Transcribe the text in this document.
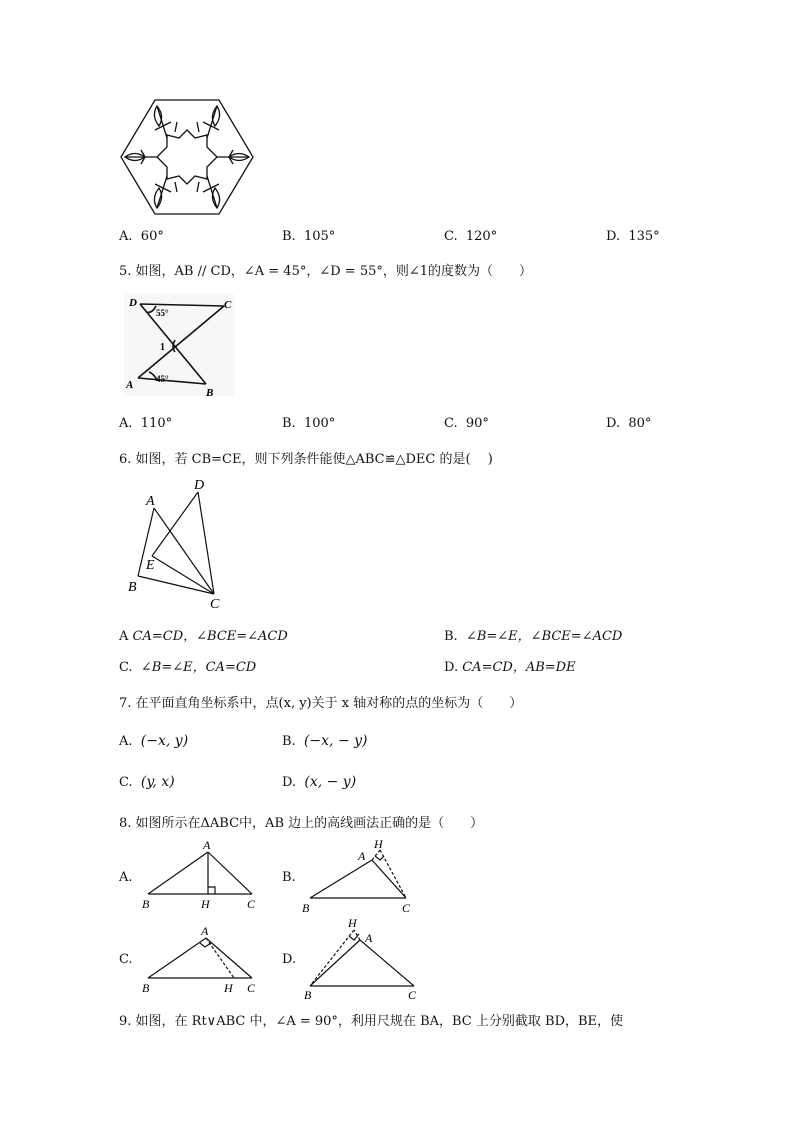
A. 60°	B. 105°	C. 120°	D. 135°
5. 如图，AB // CD，∠A = 45°，∠D = 55°，则∠1的度数为（　　）
D	C
A
B
55°
45°
1
A. 110°	B. 100°	C. 90°	D. 80°
6. 如图，若 CB=CE，则下列条件能使△ABC≌△DEC 的是(　 )
A
D
E
B
C
A CA=CD，∠BCE=∠ACD	B. ∠B=∠E，∠BCE=∠ACD
C. ∠B=∠E，CA=CD	D. CA=CD，AB=DE
7. 在平面直角坐标系中，点(x, y)关于 x 轴对称的点的坐标为（　　）
A. (−x, y)	B. (−x, − y)
C. (y, x)	D. (x, − y)
8. 如图所示在ΔABC中，AB 边上的高线画法正确的是（　　）
A.
A
B	H	C
B.
A
H
B	C
C.
A
B	H C
D.
H
A
B	C
9. 如图，在 Rt∨ABC 中，∠A = 90°，利用尺规在 BA，BC 上分别截取 BD，BE，使
